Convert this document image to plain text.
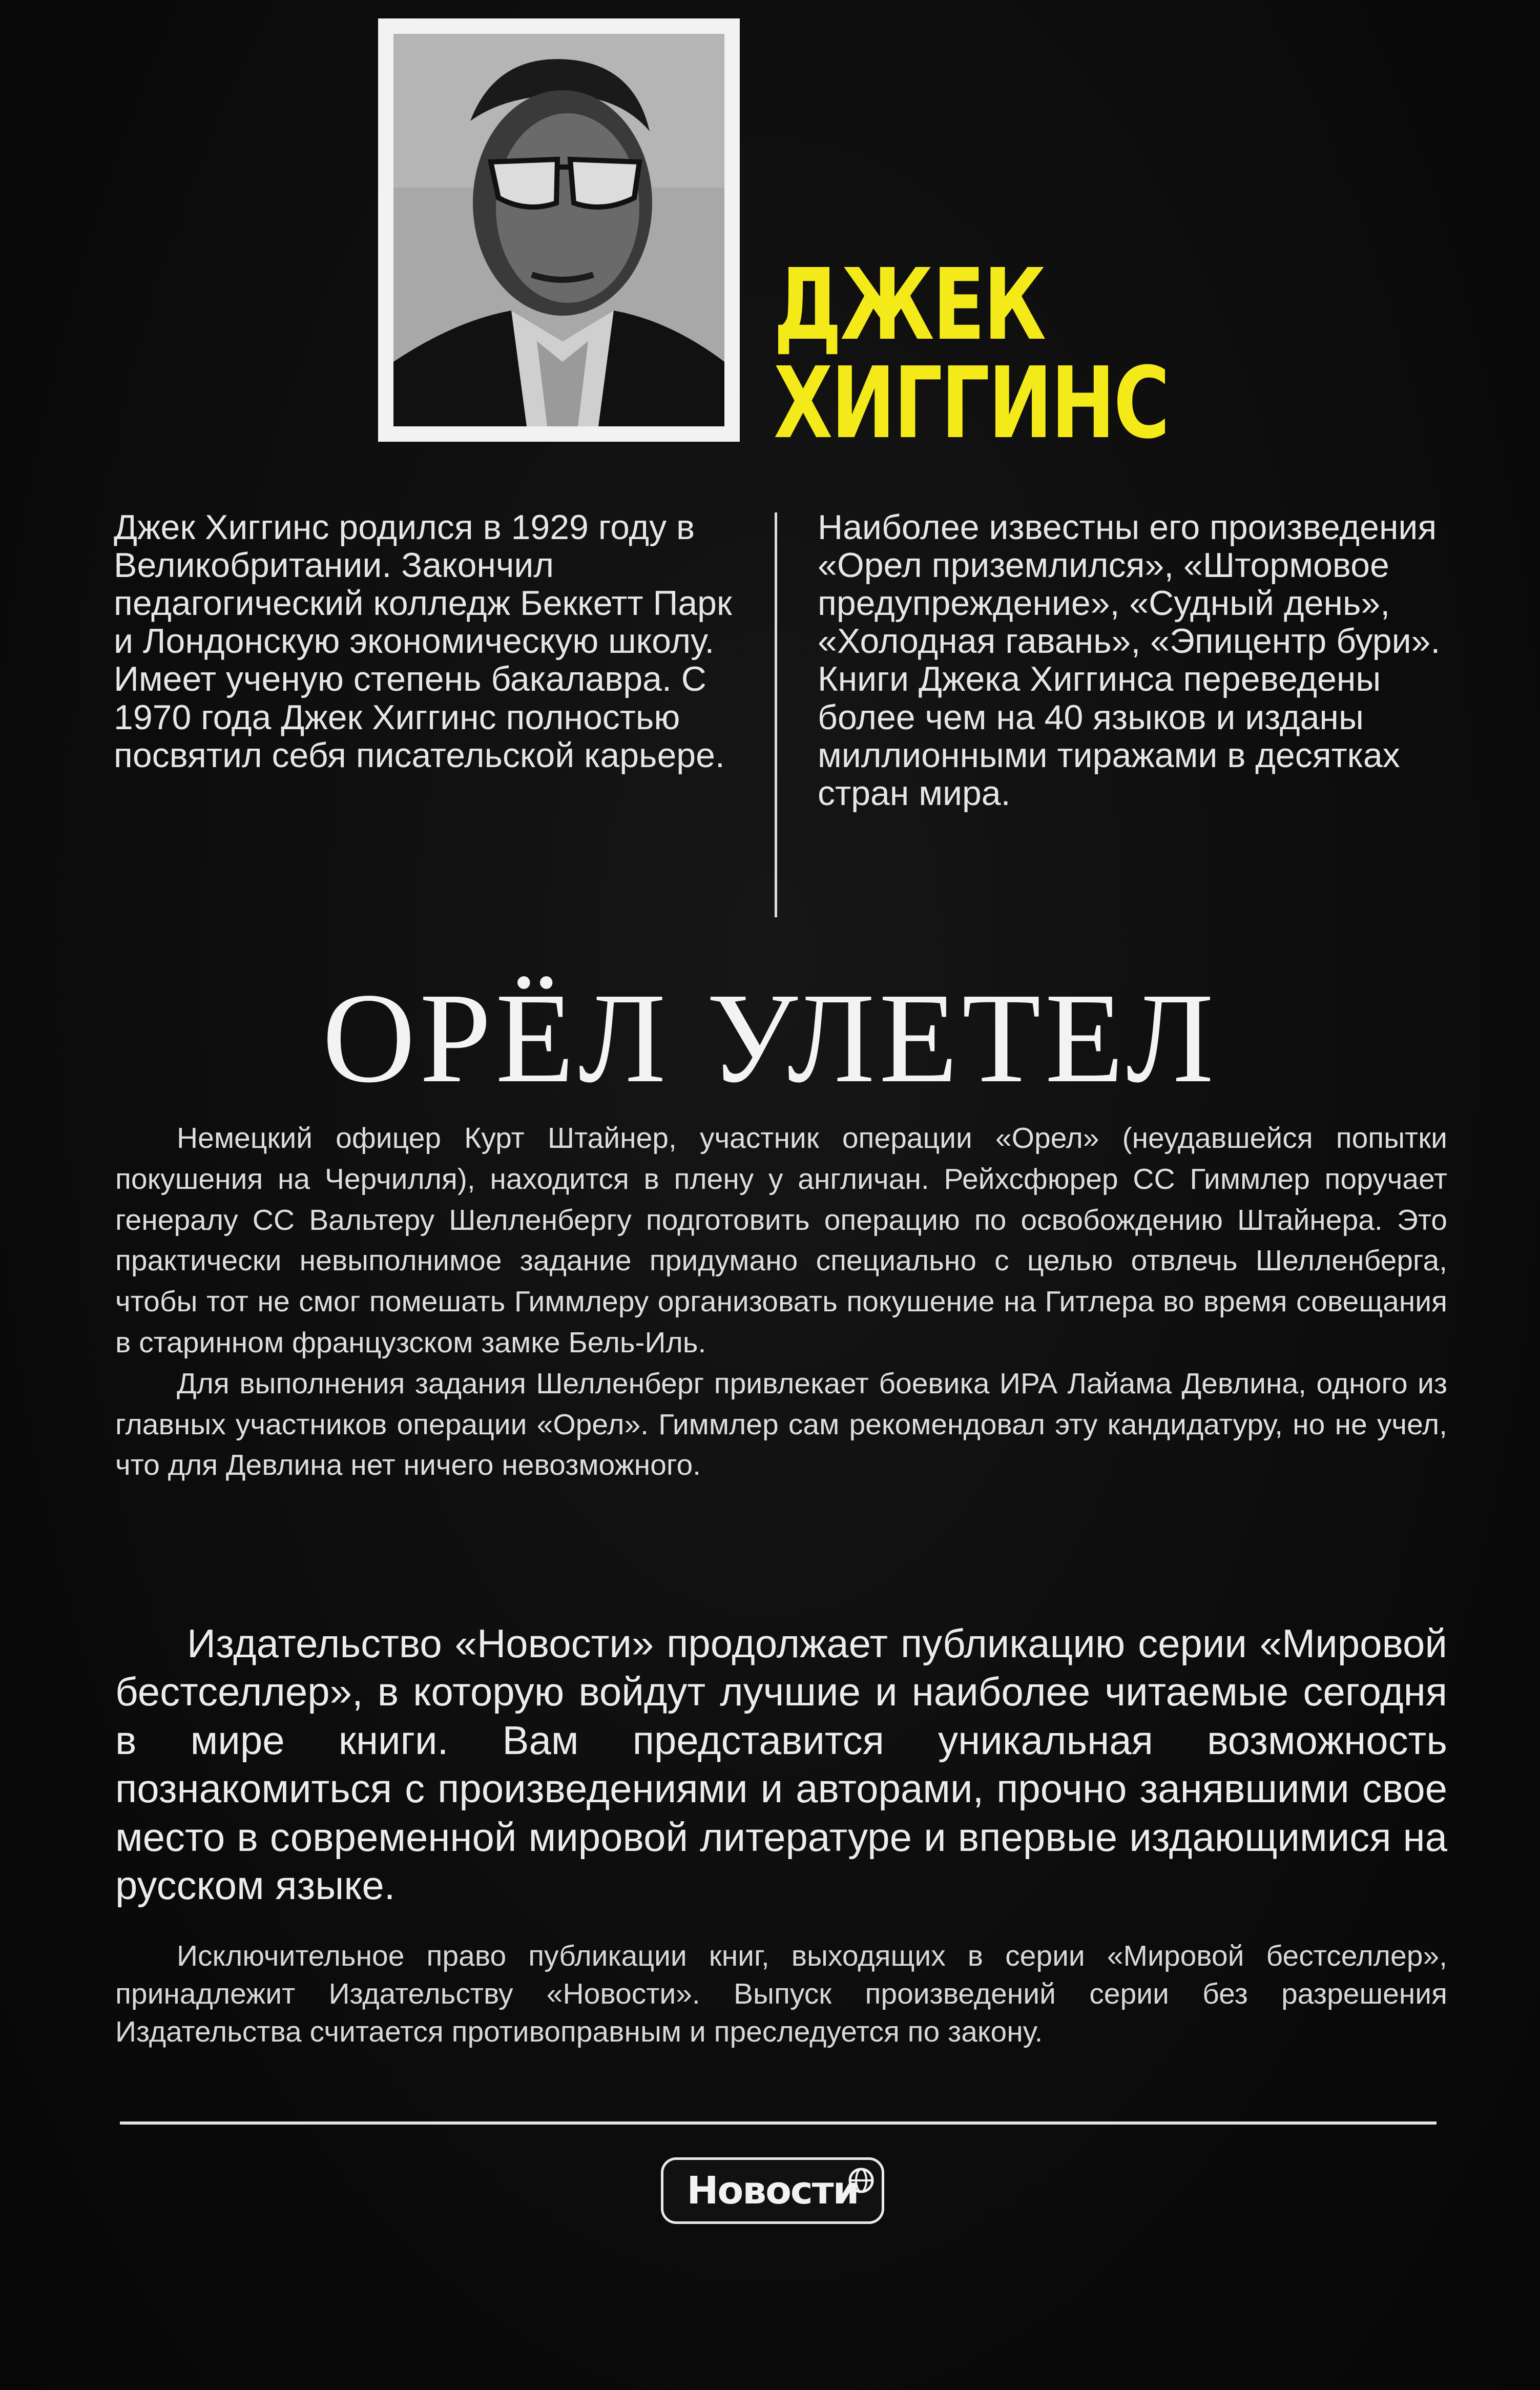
ДЖЕК
ХИГГИНС

Джек Хиггинс родился в 1929 году в Великобритании. Закончил педагогический колледж Беккетт Парк и Лондонскую экономическую школу. Имеет ученую степень бакалавра. С 1970 года Джек Хиггинс полностью посвятил себя писательской карьере.

Наиболее известны его произведения «Орел приземлился», «Штормовое предупреждение», «Судный день», «Холодная гавань», «Эпицентр бури». Книги Джека Хиггинса переведены более чем на 40 языков и изданы миллионными тиражами в десятках стран мира.

ОРЁЛ УЛЕТЕЛ

Немецкий офицер Курт Штайнер, участник операции «Орел» (неудавшейся попытки покушения на Черчилля), находится в плену у англичан. Рейхсфюрер СС Гиммлер поручает генералу СС Вальтеру Шелленбергу подготовить операцию по освобождению Штайнера. Это практически невыполнимое задание придумано специально с целью отвлечь Шелленберга, чтобы тот не смог помешать Гиммлеру организовать покушение на Гитлера во время совещания в старинном французском замке Бель-Иль.

Для выполнения задания Шелленберг привлекает боевика ИРА Лайама Девлина, одного из главных участников операции «Орел». Гиммлер сам рекомендовал эту кандидатуру, но не учел, что для Девлина нет ничего невозможного.

Издательство «Новости» продолжает публикацию серии «Мировой бестселлер», в которую войдут лучшие и наиболее читаемые сегодня в мире книги. Вам представится уникальная возможность познакомиться с произведениями и авторами, прочно занявшими свое место в современной мировой литературе и впервые издающимися на русском языке.

Исключительное право публикации книг, выходящих в серии «Мировой бестселлер», принадлежит Издательству «Новости». Выпуск произведений серии без разрешения Издательства считается противоправным и преследуется по закону.

Новости
